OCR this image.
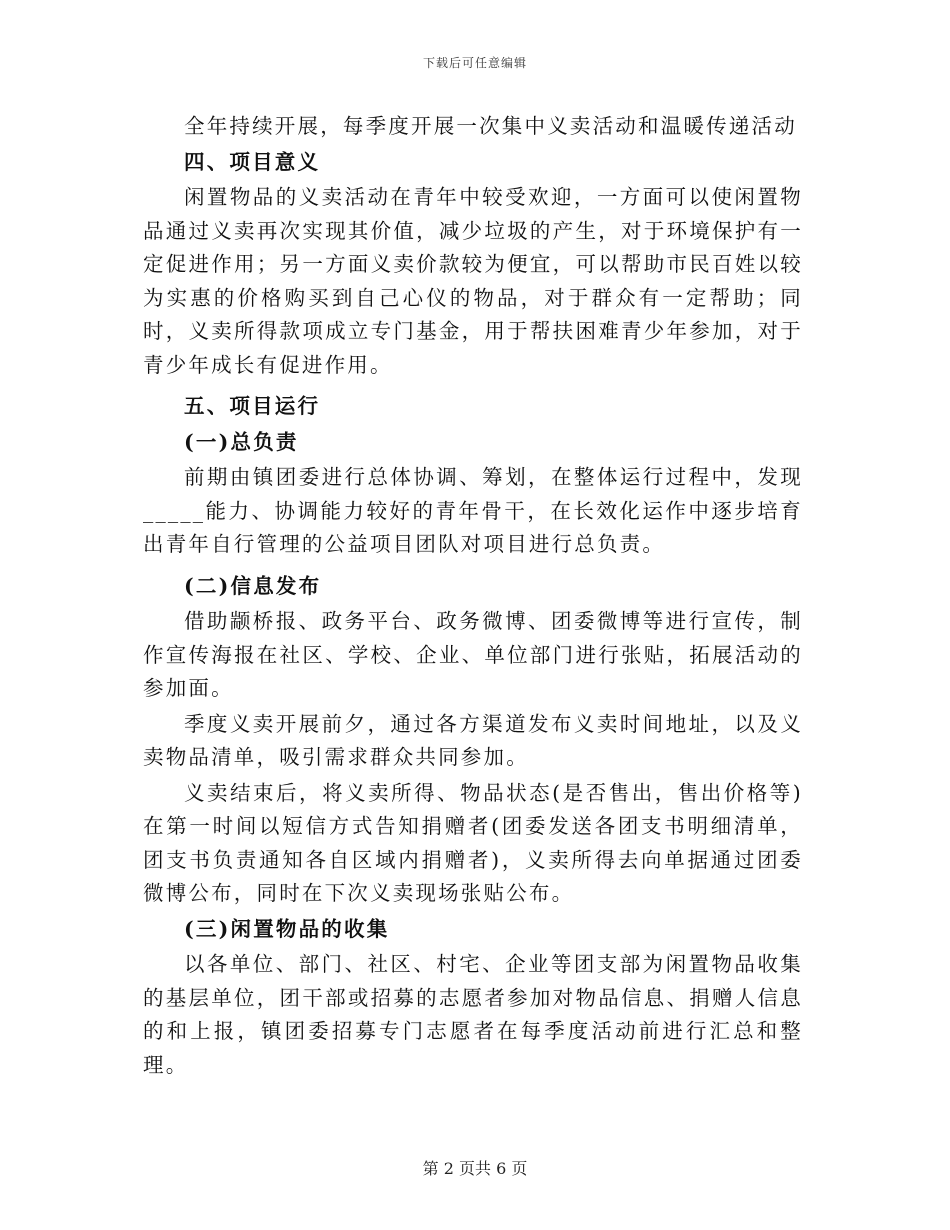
下载后可任意编辑

全年持续开展，每季度开展一次集中义卖活动和温暖传递活动

四、项目意义

闲置物品的义卖活动在青年中较受欢迎，一方面可以使闲置物品通过义卖再次实现其价值，减少垃圾的产生，对于环境保护有一定促进作用；另一方面义卖价款较为便宜，可以帮助市民百姓以较为实惠的价格购买到自己心仪的物品，对于群众有一定帮助；同时，义卖所得款项成立专门基金，用于帮扶困难青少年参加，对于青少年成长有促进作用。

五、项目运行

(一)总负责

前期由镇团委进行总体协调、筹划，在整体运行过程中，发现_____能力、协调能力较好的青年骨干，在长效化运作中逐步培育出青年自行管理的公益项目团队对项目进行总负责。

(二)信息发布

借助颛桥报、政务平台、政务微博、团委微博等进行宣传，制作宣传海报在社区、学校、企业、单位部门进行张贴，拓展活动的参加面。

季度义卖开展前夕，通过各方渠道发布义卖时间地址，以及义卖物品清单，吸引需求群众共同参加。

义卖结束后，将义卖所得、物品状态(是否售出，售出价格等)在第一时间以短信方式告知捐赠者(团委发送各团支书明细清单，团支书负责通知各自区域内捐赠者)，义卖所得去向单据通过团委微博公布，同时在下次义卖现场张贴公布。

(三)闲置物品的收集

以各单位、部门、社区、村宅、企业等团支部为闲置物品收集的基层单位，团干部或招募的志愿者参加对物品信息、捐赠人信息的和上报，镇团委招募专门志愿者在每季度活动前进行汇总和整理。

第 2 页共 6 页
